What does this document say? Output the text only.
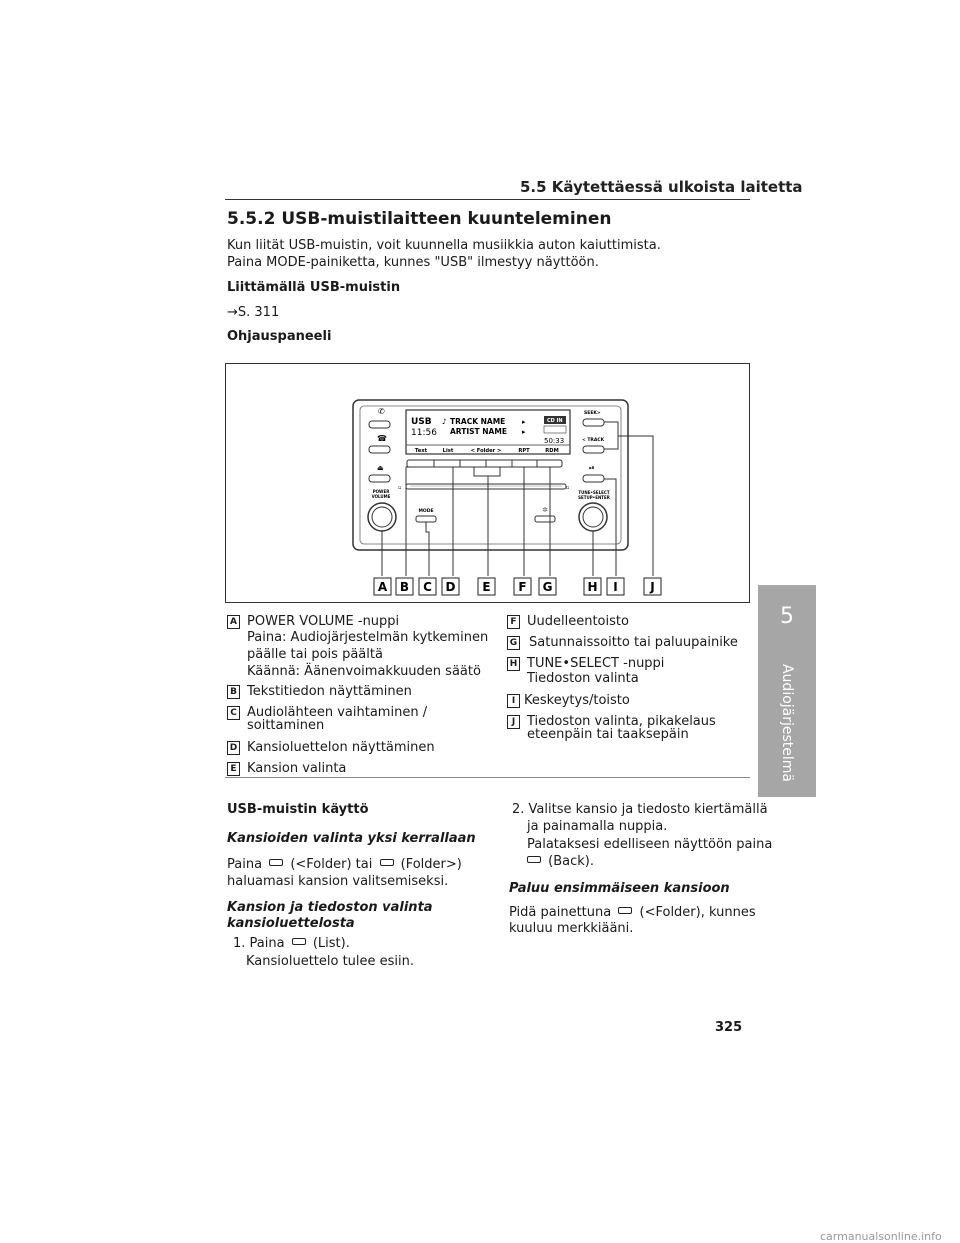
5.5 Käytettäessä ulkoista laitetta
5.5.2 USB-muistilaitteen kuunteleminen
Kun liität USB-muistin, voit kuunnella musiikkia auton kaiuttimista.
Paina MODE-painiketta, kunnes "USB" ilmestyy näyttöön.
Liittämällä USB-muistin
→S. 311
Ohjauspaneeli
✆
☎
⏏
POWER
VOLUME
USB
11:56
♪ TRACK NAME
ARTIST NAME
▸
▸
CD IN
50:33
Text	List	< Folder >	RPT	RDM
▫	▫
MODE	✲
SEEK>
< TRACK
⏯
TUNE•SELECT
SETUP•ENTER
A B C D E F G	H I	J
A POWER VOLUME -nuppi
Paina: Audiojärjestelmän kytkeminen
päälle tai pois päältä
Käännä: Äänenvoimakkuuden säätö
B Tekstitiedon näyttäminen
C Audiolähteen vaihtaminen /
soittaminen
D Kansioluettelon näyttäminen
E Kansion valinta
F Uudelleentoisto
G Satunnaissoitto tai paluupainike
H TUNE•SELECT -nuppi
Tiedoston valinta
I Keskeytys/toisto
J Tiedoston valinta, pikakelaus
eteenpäin tai taaksepäin
USB-muistin käyttö
Kansioiden valinta yksi kerrallaan
Paina (<Folder) tai (Folder>)
haluamasi kansion valitsemiseksi.
Kansion ja tiedoston valinta
kansioluettelosta
1. Paina (List).
Kansioluettelo tulee esiin.
2. Valitse kansio ja tiedosto kiertämällä
ja painamalla nuppia.
Palataksesi edelliseen näyttöön paina
(Back).
Paluu ensimmäiseen kansioon
Pidä painettuna (<Folder), kunnes
kuuluu merkkiääni.
5
Audiojärjestelmä
325
carmanualsonline.info
